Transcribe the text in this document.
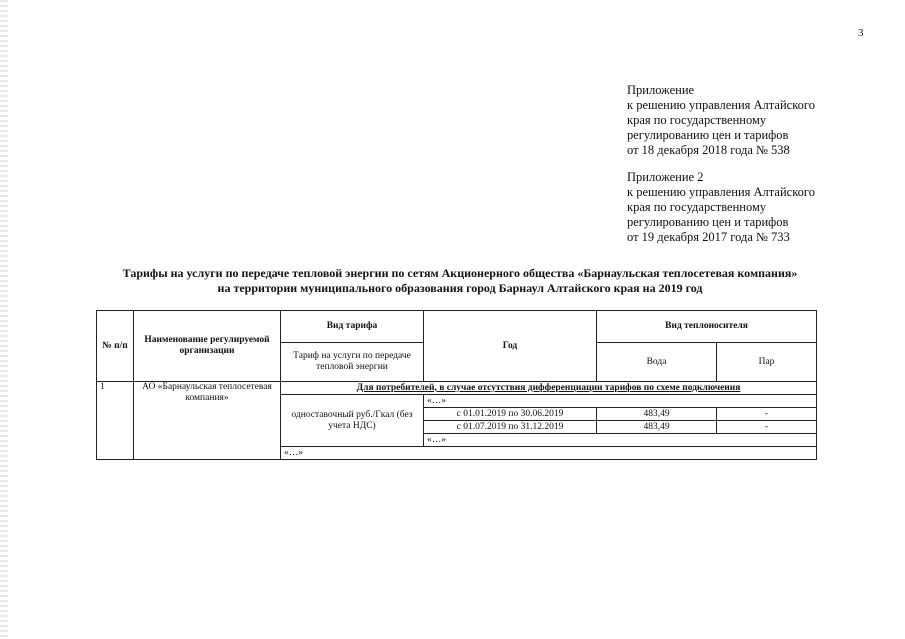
3
Приложение
к решению управления Алтайского
края по государственному
регулированию цен и тарифов
от 18 декабря 2018 года № 538
Приложение 2
к решению управления Алтайского
края по государственному
регулированию цен и тарифов
от 19 декабря 2017 года № 733
Тарифы на услуги по передаче тепловой энергии по сетям Акционерного общества «Барнаульская теплосетевая компания»
на территории муниципального образования город Барнаул Алтайского края на 2019 год
№ п/п	Наименование регулируемой организации	Вид тарифа	Год	Вид теплоносителя	
		Тариф на услуги по передаче тепловой энергии		Вода	Пар
1	АО «Барнаульская теплосетевая компания»	Для потребителей, в случае отсутствия дифференциации тарифов по схеме подключения			
		одноставочный руб./Гкал (без учета НДС)	«…»		
			с 01.01.2019 по 30.06.2019	483,49	-
			с 01.07.2019 по 31.12.2019	483,49	-
			«…»		
		«…»			
